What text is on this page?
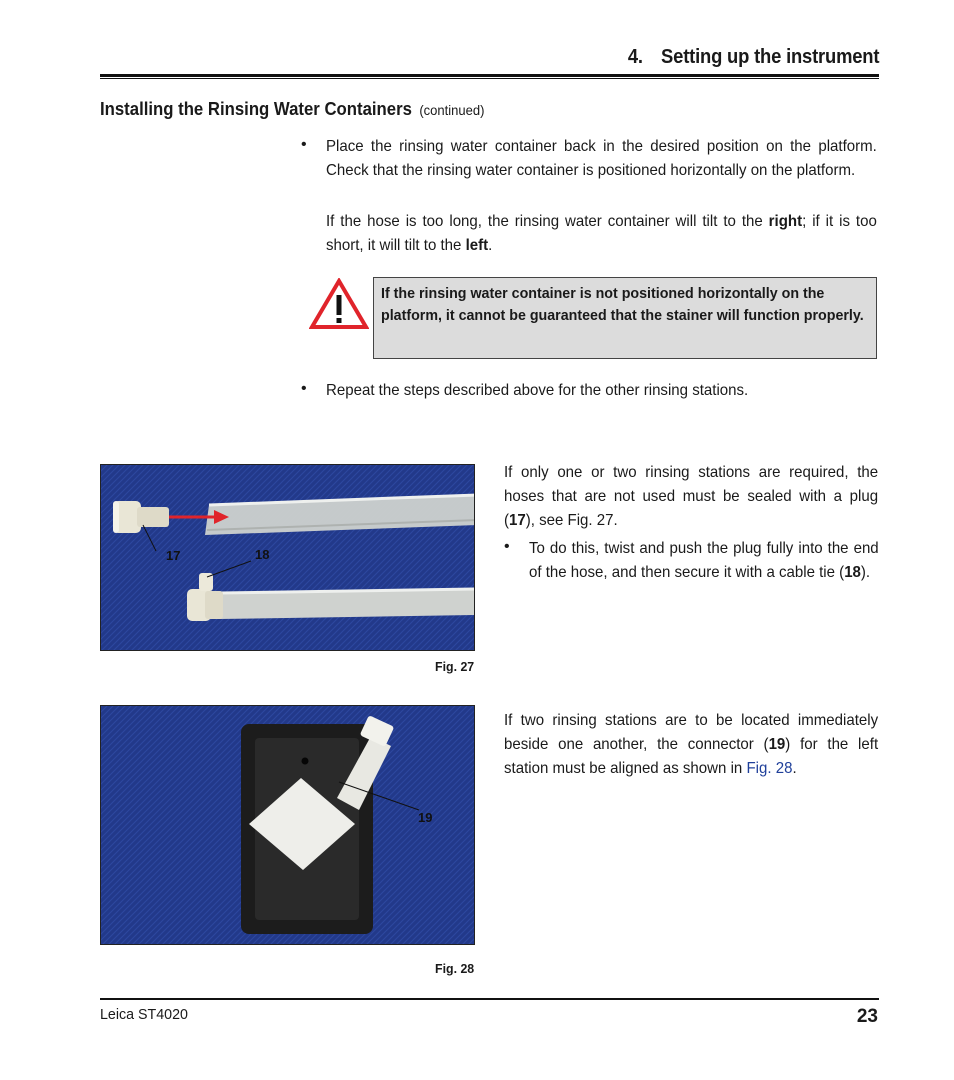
4. Setting up the instrument
Installing the Rinsing Water Containers (continued)
• Place the rinsing water container back in the desired position on the platform. Check that the rinsing water container is positioned horizontally on the platform.
If the hose is too long, the rinsing water container will tilt to the right; if it is too short, it will tilt to the left.
If the rinsing water container is not positioned horizontally on the platform, it cannot be guaranteed that the stainer will function properly.
• Repeat the steps described above for the other rinsing stations.
17	18
Fig. 27
If only one or two rinsing stations are required, the hoses that are not used must be sealed with a plug (17), see Fig. 27.
• To do this, twist and push the plug fully into the end of the hose, and then secure it with a cable tie (18).
19
Fig. 28
If two rinsing stations are to be located immediately beside one another, the connector (19) for the left station must be aligned as shown in Fig. 28.
Leica ST4020	23
